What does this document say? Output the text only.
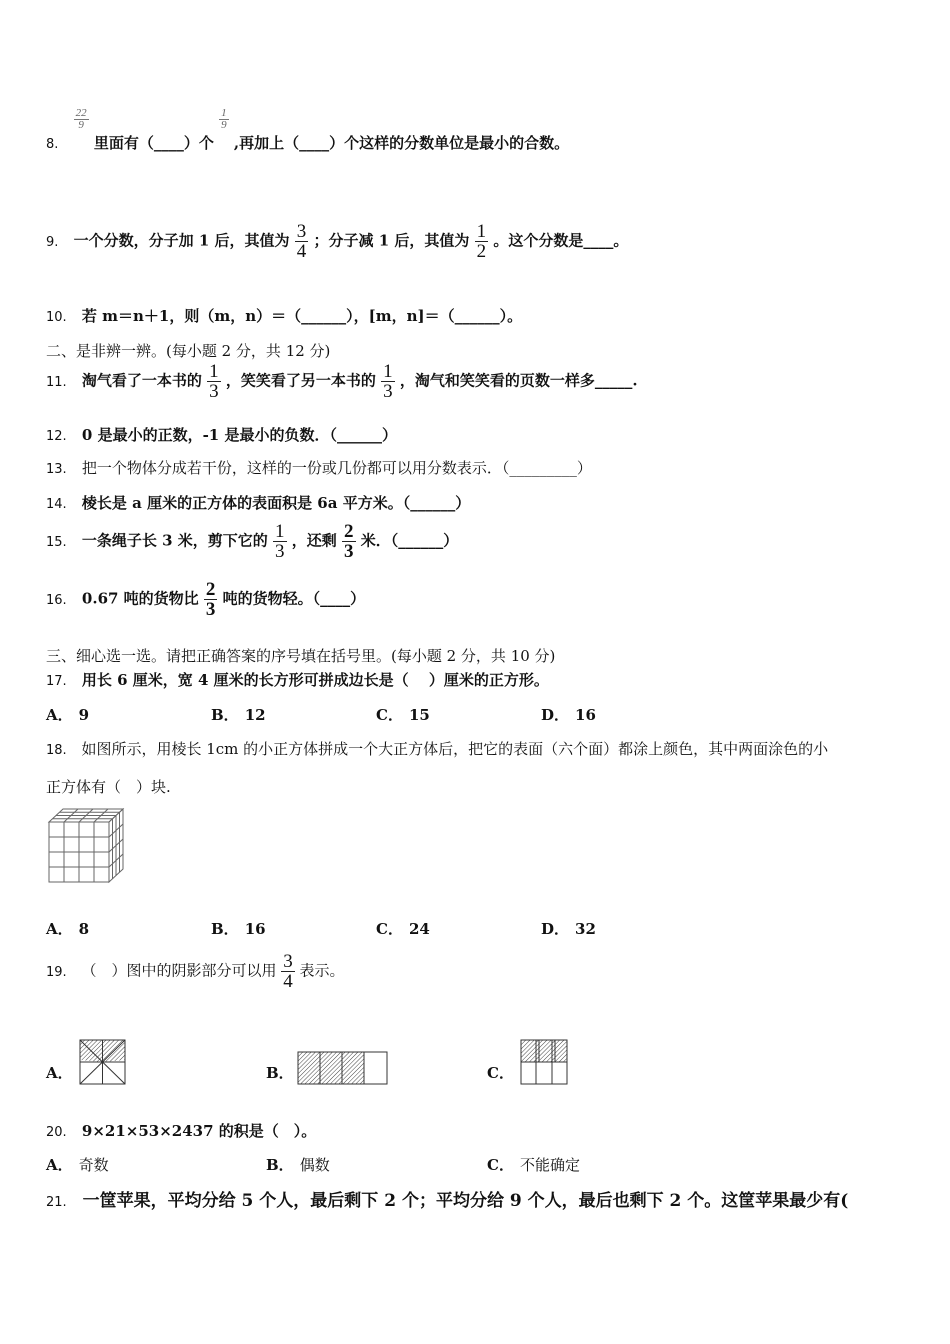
8.
$\frac{22}{9}$
里面有（____）个
$\frac{1}{9}$
,再加上（____）个这样的分数单位是最小的合数。
9. 一个分数，分子加 1 后，其值为 $\frac{3}{4}$ ；分子减 1 后，其值为 $\frac{1}{2}$ 。这个分数是____。
10. 若 m＝n＋1，则（m，n）＝（______），[m，n]＝（______）。
二、是非辨一辨。(每小题 2 分，共 12 分)
11. 淘气看了一本书的 $\frac{1}{3}$ ，笑笑看了另一本书的 $\frac{1}{3}$ ，淘气和笑笑看的页数一样多_____.
12. 0 是最小的正数，-1 是最小的负数．（______）
13. 把一个物体分成若干份，这样的一份或几份都可以用分数表示．（_________）
14. 棱长是 a 厘米的正方体的表面积是 6a 平方米。（______）
15. 一条绳子长 3 米，剪下它的 $\frac{1}{3}$ ，还剩 $\frac{2}{3}$ 米．（______）
16. 0.67 吨的货物比 $\frac{2}{3}$ 吨的货物轻。（____）
三、细心选一选。请把正确答案的序号填在括号里。(每小题 2 分，共 10 分)
17. 用长 6 厘米，宽 4 厘米的长方形可拼成边长是（　 ）厘米的正方形。
A． 9	B． 12	C． 15	D． 16
18. 如图所示，用棱长 1cm 的小正方体拼成一个大正方体后，把它的表面（六个面）都涂上颜色，其中两面涂色的小
正方体有（　）块.
A． 8	B． 16	C． 24	D． 32
19. （　）图中的阴影部分可以用 $\frac{3}{4}$ 表示。
A．	B．	C．
20. 9×21×53×2437 的积是（　）。
A． 奇数	B． 偶数	C． 不能确定
21. 一筐苹果，平均分给 5 个人，最后剩下 2 个；平均分给 9 个人，最后也剩下 2 个。这筐苹果最少有(
